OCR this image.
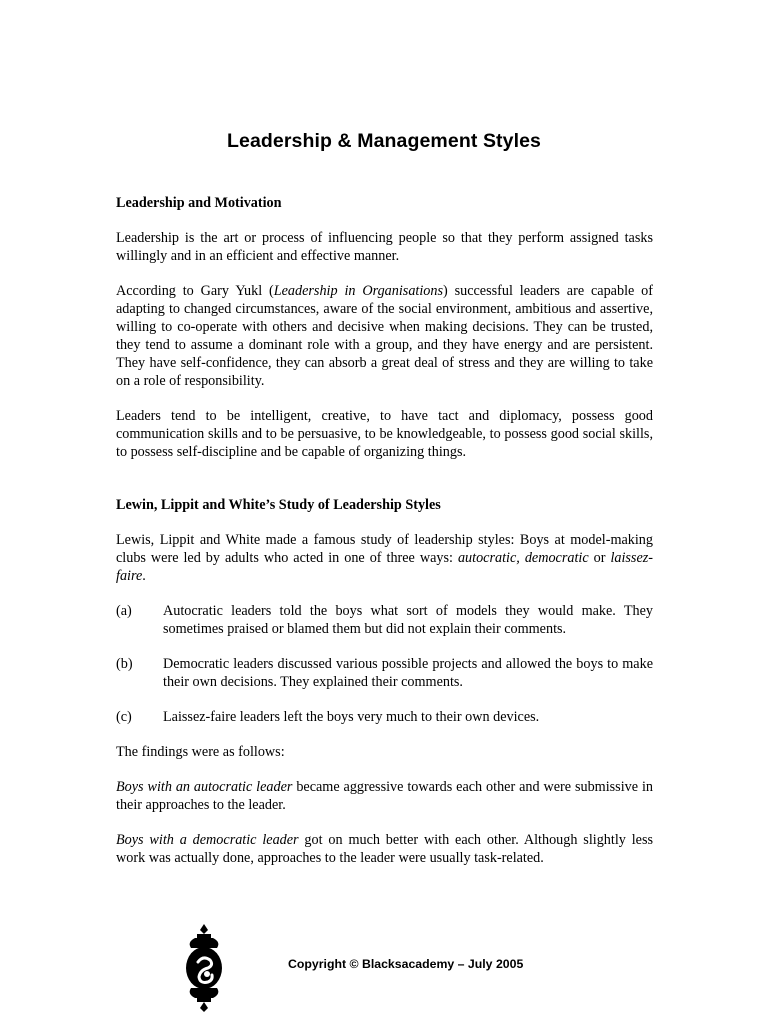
Leadership & Management Styles
Leadership and Motivation

Leadership is the art or process of influencing people so that they perform assigned tasks willingly and in an efficient and effective manner.

According to Gary Yukl (Leadership in Organisations) successful leaders are capable of adapting to changed circumstances, aware of the social environment, ambitious and assertive, willing to co-operate with others and decisive when making decisions. They can be trusted, they tend to assume a dominant role with a group, and they have energy and are persistent. They have self-confidence, they can absorb a great deal of stress and they are willing to take on a role of responsibility.

Leaders tend to be intelligent, creative, to have tact and diplomacy, possess good communication skills and to be persuasive, to be knowledgeable, to possess good social skills, to possess self-discipline and be capable of organizing things.

Lewin, Lippit and White’s Study of Leadership Styles

Lewis, Lippit and White made a famous study of leadership styles: Boys at model-making clubs were led by adults who acted in one of three ways: autocratic, democratic or laissez-faire.

(a)	Autocratic leaders told the boys what sort of models they would make. They sometimes praised or blamed them but did not explain their comments.
(b)	Democratic leaders discussed various possible projects and allowed the boys to make their own decisions. They explained their comments.
(c)	Laissez-faire leaders left the boys very much to their own devices.

The findings were as follows:

Boys with an autocratic leader became aggressive towards each other and were submissive in their approaches to the leader.

Boys with a democratic leader got on much better with each other. Although slightly less work was actually done, approaches to the leader were usually task-related.

Copyright © Blacksacademy – July 2005
